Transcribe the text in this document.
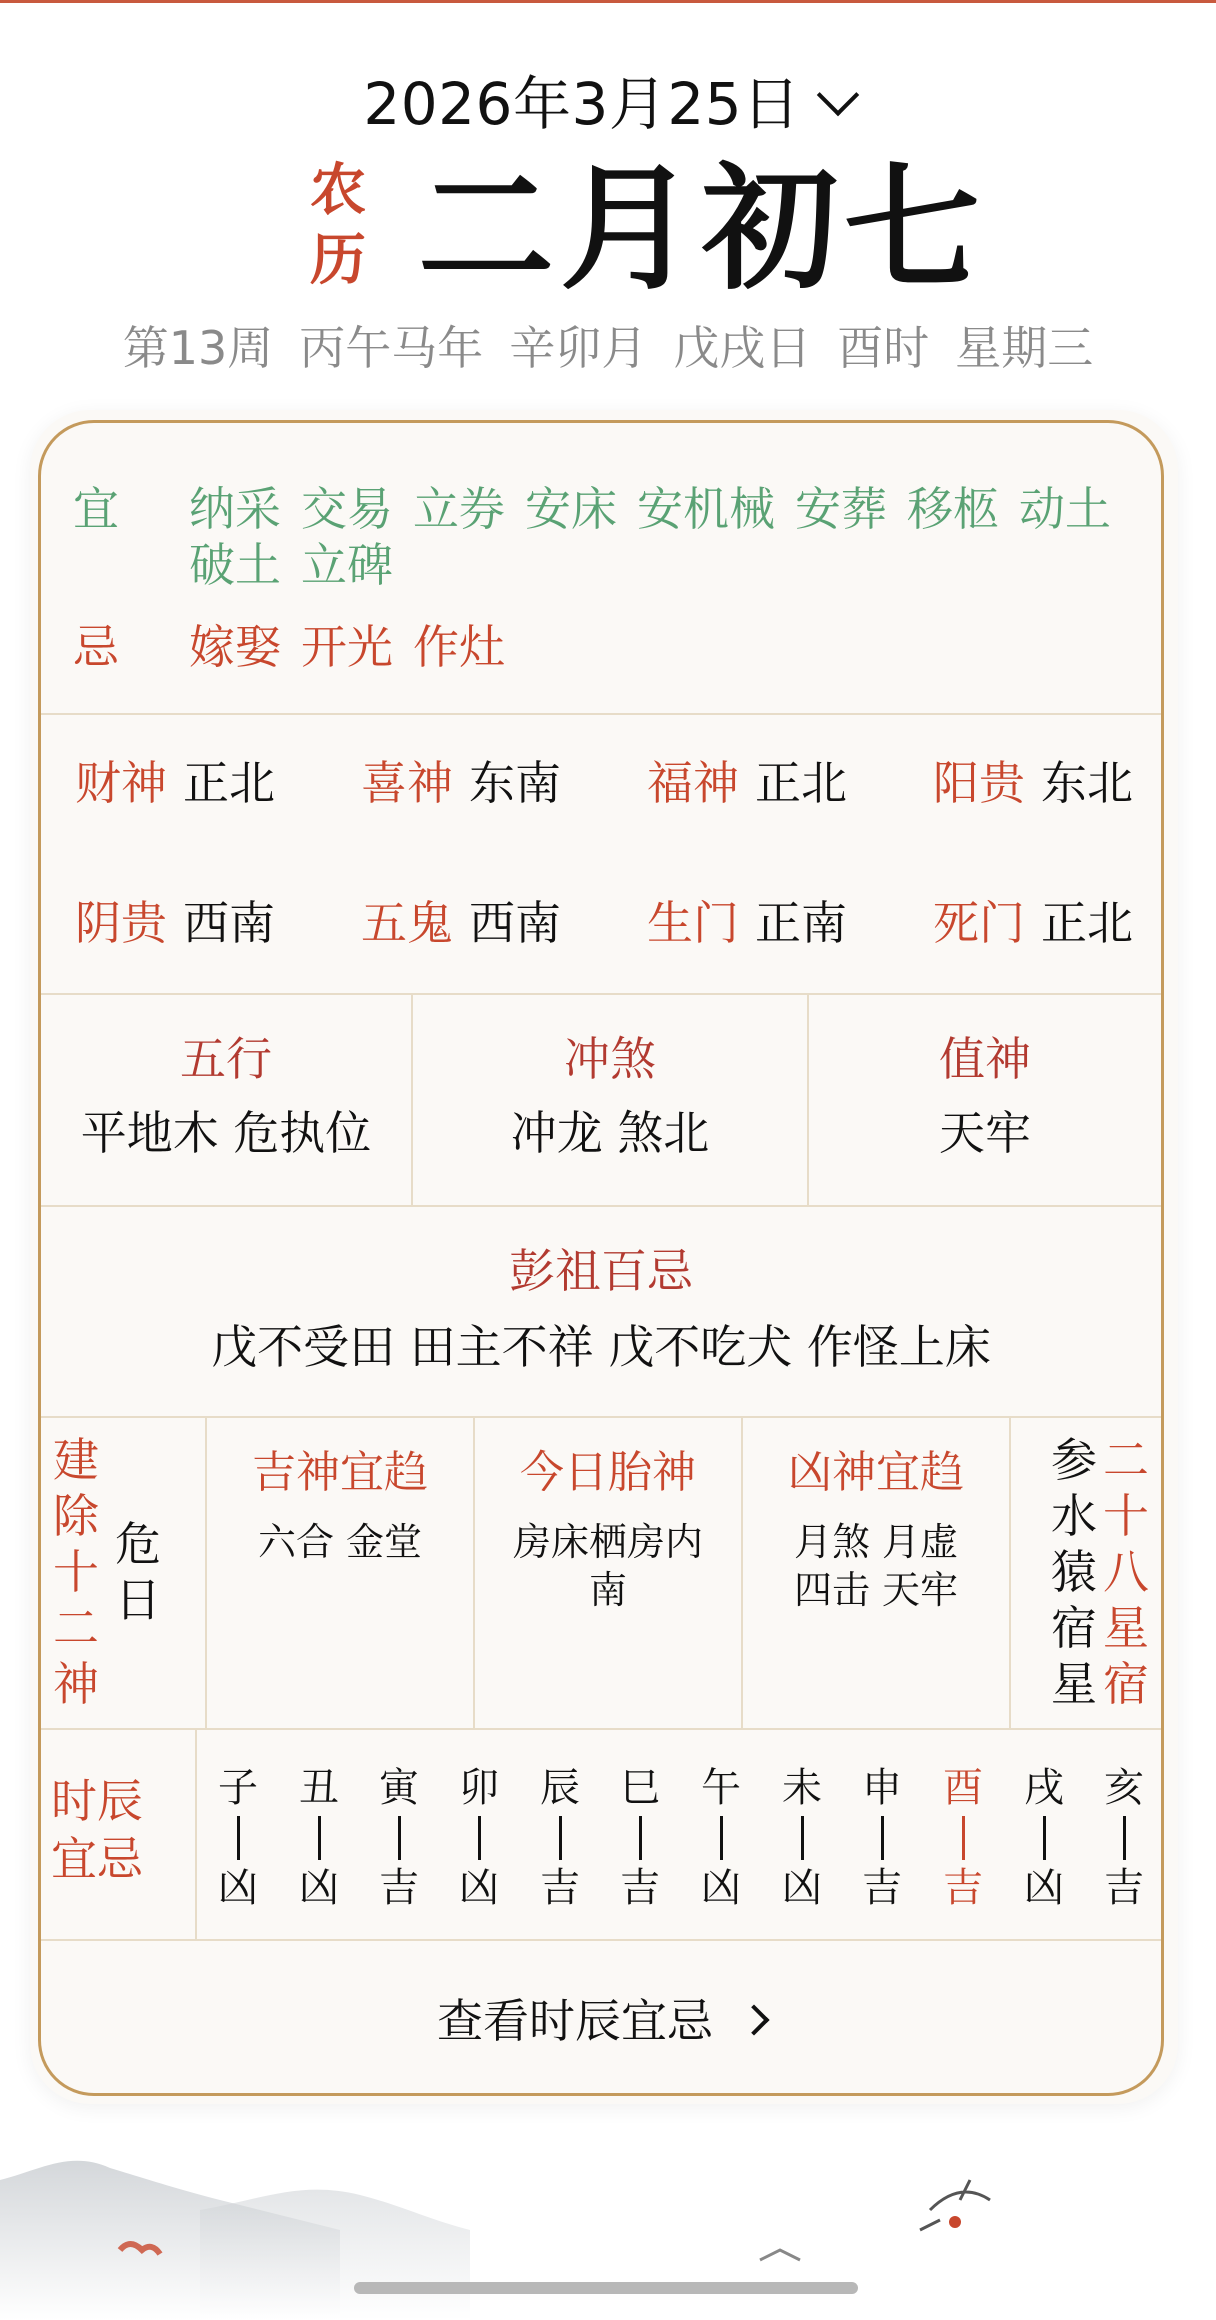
2026年3月25日
农
历 二月初七
第13周 丙午马年 辛卯月 戊戌日 酉时 星期三
宜 纳采 交易 立券 安床 安机械 安葬 移柩 动土破土 立碑
忌 嫁娶 开光 作灶
财神 正北 喜神 东南 福神 正北 阳贵 东北
阴贵 西南 五鬼 西南 生门 正南 死门 正北
五行
平地木 危执位
冲煞
冲龙 煞北
值神
天牢
彭祖百忌
戊不受田 田主不祥 戊不吃犬 作怪上床
建
除
十
二
神
危
日
吉神宜趋
六合 金堂
今日胎神
房床栖房内南
凶神宜趋
月煞 月虚
四击 天牢
参
水
猿
宿
星
二
十
八
星
宿
时辰
宜忌
子
凶
丑
凶
寅
吉
卯
凶
辰
吉
巳
吉
午
凶
未
凶
申
吉
酉
吉
戌
凶
亥
吉
查看时辰宜忌
